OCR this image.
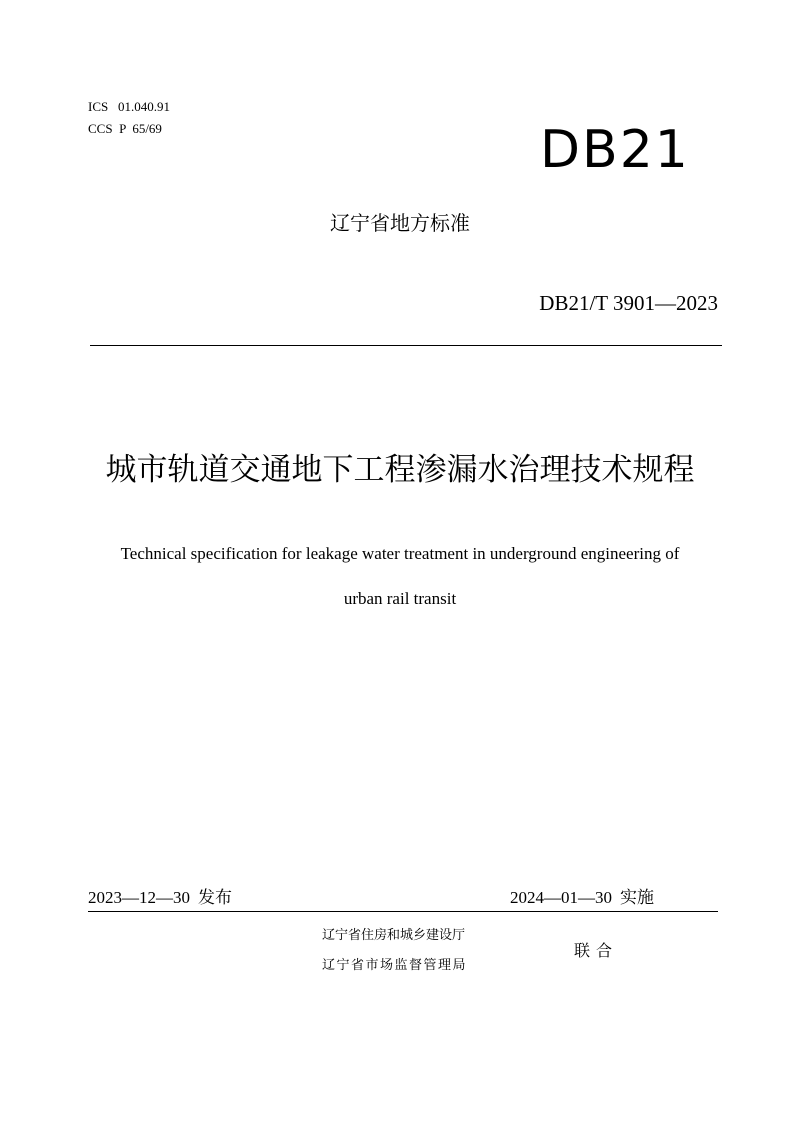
ICS   01.040.91
CCS  P  65/69	DB21
辽宁省地方标准
DB21/T 3901—2023
城市轨道交通地下工程渗漏水治理技术规程
Technical specification for leakage water treatment in underground engineering of
urban rail transit
2023—12—30 发布	2024—01—30 实施
辽宁省住房和城乡建设厅
辽宁省市场监督管理局
联合
